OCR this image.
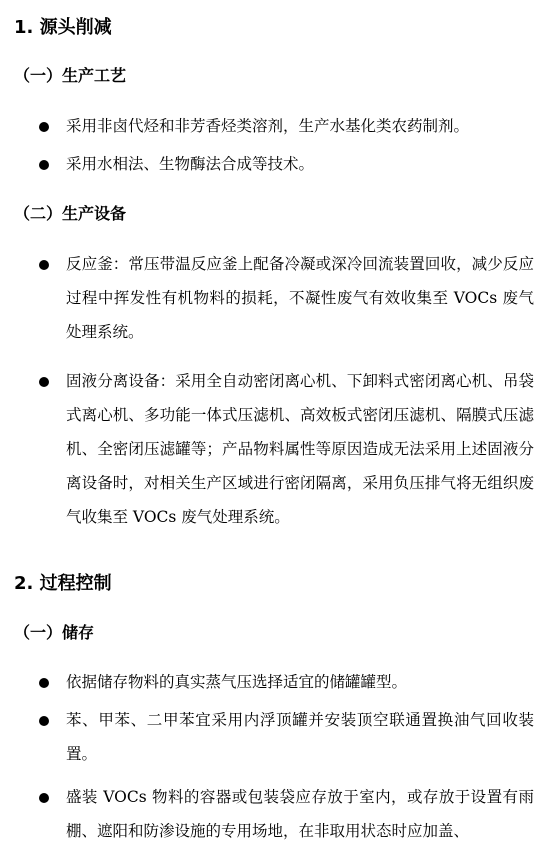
1. 源头削减
（一）生产工艺
采用非卤代烃和非芳香烃类溶剂，生产水基化类农药制剂。
采用水相法、生物酶法合成等技术。
（二）生产设备
反应釜：常压带温反应釜上配备冷凝或深冷回流装置回收，减少反应过程中挥发性有机物料的损耗，不凝性废气有效收集至 VOCs 废气处理系统。
固液分离设备：采用全自动密闭离心机、下卸料式密闭离心机、吊袋式离心机、多功能一体式压滤机、高效板式密闭压滤机、隔膜式压滤机、全密闭压滤罐等；产品物料属性等原因造成无法采用上述固液分离设备时，对相关生产区域进行密闭隔离，采用负压排气将无组织废气收集至 VOCs 废气处理系统。
2. 过程控制
（一）储存
依据储存物料的真实蒸气压选择适宜的储罐罐型。
苯、甲苯、二甲苯宜采用内浮顶罐并安装顶空联通置换油气回收装置。
盛装 VOCs 物料的容器或包装袋应存放于室内，或存放于设置有雨棚、遮阳和防渗设施的专用场地，在非取用状态时应加盖、
